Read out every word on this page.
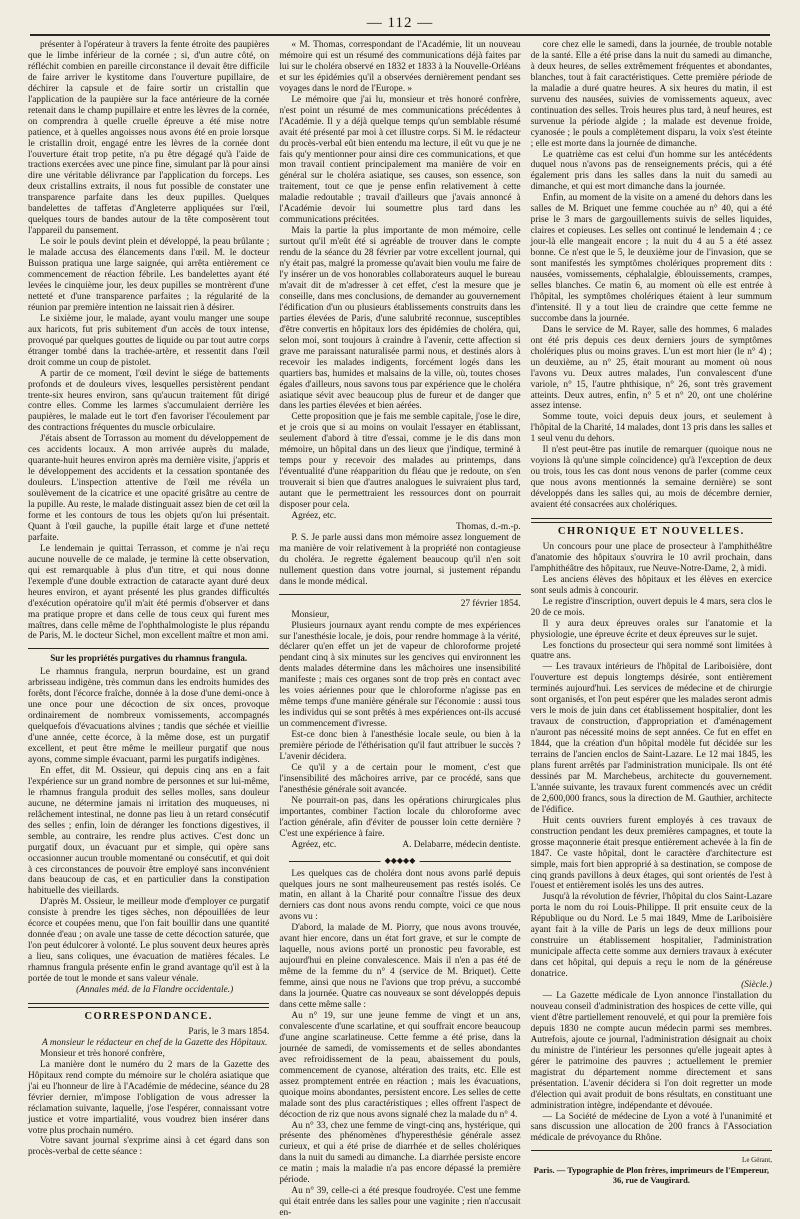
— 112 —

présenter à l'opérateur à travers la fente étroite des paupières que le limbe inférieur de la cornée ; si, d'un autre côté, on réfléchit combien en pareille circonstance il devait être difficile de faire arriver le kystitome dans l'ouverture pupillaire, de déchirer la capsule et de faire sortir un cristallin que l'application de la paupière sur la face antérieure de la cornée retenait dans le champ pupillaire et entre les lèvres de la cornée, on comprendra à quelle cruelle épreuve a été mise notre patience, et à quelles angoisses nous avons été en proie lorsque le cristallin droit, engagé entre les lèvres de la cornée dont l'ouverture était trop petite, n'a pu être dégagé qu'à l'aide de tractions exercées avec une pince fine, simulant par là pour ainsi dire une véritable délivrance par l'application du forceps. Les deux cristallins extraits, il nous fut possible de constater une transparence parfaite dans les deux pupilles. Quelques bandelettes de taffetas d'Angleterre appliquées sur l'œil, quelques tours de bandes autour de la tête composèrent tout l'appareil du pansement.

Le soir le pouls devint plein et développé, la peau brûlante ; le malade accusa des élancements dans l'œil. M. le docteur Buisson pratiqua une large saignée, qui arrêta entièrement ce commencement de réaction fébrile. Les bandelettes ayant été levées le cinquième jour, les deux pupilles se montrèrent d'une netteté et d'une transparence parfaites ; la régularité de la réunion par première intention ne laissait rien à désirer.

Le sixième jour, le malade, ayant voulu manger une soupe aux haricots, fut pris subitement d'un accès de toux intense, provoqué par quelques gouttes de liquide ou par tout autre corps étranger tombé dans la trachée-artère, et ressentit dans l'œil droit comme un coup de pistolet.

A partir de ce moment, l'œil devint le siége de battements profonds et de douleurs vives, lesquelles persistèrent pendant trente-six heures environ, sans qu'aucun traitement fût dirigé contre elles. Comme les larmes s'accumulaient derrière les paupières, le malade eut le tort d'en favoriser l'écoulement par des contractions fréquentes du muscle orbiculaire.

J'étais absent de Torrasson au moment du développement de ces accidents locaux. A mon arrivée auprès du malade, quarante-huit heures environ après ma dernière visite, j'appris et le développement des accidents et la cessation spontanée des douleurs. L'inspection attentive de l'œil me révéla un soulèvement de la cicatrice et une opacité grisâtre au centre de la pupille. Au reste, le malade distinguait assez bien de cet œil la forme et les contours de tous les objets qu'on lui présentait. Quant à l'œil gauche, la pupille était large et d'une netteté parfaite.

Le lendemain je quittai Terrasson, et comme je n'ai reçu aucune nouvelle de ce malade, je termine là cette observation, qui est remarquable à plus d'un titre, et qui nous donne l'exemple d'une double extraction de cataracte ayant duré deux heures environ, et ayant présenté les plus grandes difficultés d'exécution opératoire qu'il m'ait été permis d'observer et dans ma pratique propre et dans celle de tous ceux qui furent mes maîtres, dans celle même de l'ophthalmologiste le plus répandu de Paris, M. le docteur Sichel, mon excellent maître et mon ami.

Sur les propriétés purgatives du rhamnus frangula.

Le rhamnus frangula, nerprun bourdaine, est un grand arbrisseau indigène, très commun dans les endroits humides des forêts, dont l'écorce fraîche, donnée à la dose d'une demi-once à une once pour une décoction de six onces, provoque ordinairement de nombreux vomissements, accompagnés quelquefois d'évacuations alvines ; tandis que séchée et vieillie d'une année, cette écorce, à la même dose, est un purgatif excellent, et peut être même le meilleur purgatif que nous ayons, comme simple évacuant, parmi les purgatifs indigènes.

En effet, dit M. Ossieur, qui depuis cinq ans en a fait l'expérience sur un grand nombre de personnes et sur lui-même, le rhamnus frangula produit des selles molles, sans douleur aucune, ne détermine jamais ni irritation des muqueuses, ni relâchement intestinal, ne donne pas lieu à un retard consécutif des selles ; enfin, loin de déranger les fonctions digestives, il semble, au contraire, les rendre plus actives. C'est donc un purgatif doux, un évacuant pur et simple, qui opère sans occasionner aucun trouble momentané ou consécutif, et qui doit à ces circonstances de pouvoir être employé sans inconvénient dans beaucoup de cas, et en particulier dans la constipation habituelle des vieillards.

D'après M. Ossieur, le meilleur mode d'employer ce purgatif consiste à prendre les tiges sèches, non dépouillées de leur écorce et coupées menu, que l'on fait bouillir dans une quantité donnée d'eau ; on avale une tasse de cette décoction saturée, que l'on peut édulcorer à volonté. Le plus souvent deux heures après a lieu, sans coliques, une évacuation de matières fécales. Le rhamnus frangula présente enfin le grand avantage qu'il est à la portée de tout le monde et sans valeur vénale.

(Annales méd. de la Flandre occidentale.)

CORRESPONDANCE.

Paris, le 3 mars 1854.

A monsieur le rédacteur en chef de la Gazette des Hôpitaux.

Monsieur et très honoré confrère,

La manière dont le numéro du 2 mars de la Gazette des Hôpitaux rend compte du mémoire sur le choléra asiatique que j'ai eu l'honneur de lire à l'Académie de médecine, séance du 28 février dernier, m'impose l'obligation de vous adresser la réclamation suivante, laquelle, j'ose l'espérer, connaissant votre justice et votre impartialité, vous voudrez bien insérer dans votre plus prochain numéro.

Votre savant journal s'exprime ainsi à cet égard dans son procès-verbal de cette séance :

« M. Thomas, correspondant de l'Académie, lit un nouveau mémoire qui est un résumé des communications déjà faites par lui sur le choléra observé en 1832 et 1833 à la Nouvelle-Orléans et sur les épidémies qu'il a observées dernièrement pendant ses voyages dans le nord de l'Europe. »

Le mémoire que j'ai lu, monsieur et très honoré confrère, n'est point un résumé de mes communications précédentes à l'Académie. Il y a déjà quelque temps qu'un semblable résumé avait été présenté par moi à cet illustre corps. Si M. le rédacteur du procès-verbal eût bien entendu ma lecture, il eût vu que je ne fais qu'y mentionner pour ainsi dire ces communications, et que mon travail contient principalement ma manière de voir en général sur le choléra asiatique, ses causes, son essence, son traitement, tout ce que je pense enfin relativement à cette maladie redoutable ; travail d'ailleurs que j'avais annoncé à l'Académie devoir lui soumettre plus tard dans les communications précitées.

Mais la partie la plus importante de mon mémoire, celle surtout qu'il m'eût été si agréable de trouver dans le compte rendu de la séance du 28 février par votre excellent journal, qui n'y était pas, malgré la promesse qu'avait bien voulu me faire de l'y insérer un de vos honorables collaborateurs auquel le bureau m'avait dit de m'adresser à cet effet, c'est la mesure que je conseille, dans mes conclusions, de demander au gouvernement l'édification d'un ou plusieurs établissements construits dans les parties élevées de Paris, d'une salubrité reconnue, susceptibles d'être convertis en hôpitaux lors des épidémies de choléra, qui, selon moi, sont toujours à craindre à l'avenir, cette affection si grave me paraissant naturalisée parmi nous, et destinés alors à recevoir les malades indigents, forcément logés dans les quartiers bas, humides et malsains de la ville, où, toutes choses égales d'ailleurs, nous savons tous par expérience que le choléra asiatique sévit avec beaucoup plus de fureur et de danger que dans les parties élevées et bien aérées.

Cette proposition que je fais me semble capitale, j'ose le dire, et je crois que si au moins on voulait l'essayer en établissant, seulement d'abord à titre d'essai, comme je le dis dans mon mémoire, un hôpital dans un des lieux que j'indique, terminé à temps pour y recevoir des malades au printemps, dans l'éventualité d'une réapparition du fléau que je redoute, on s'en trouverait si bien que d'autres analogues le suivraient plus tard, autant que le permettraient les ressources dont on pourrait disposer pour cela.

Agréez, etc.

Thomas, d.-m.-p.

P. S. Je parle aussi dans mon mémoire assez longuement de ma manière de voir relativement à la propriété non contagieuse du choléra. Je regrette également beaucoup qu'il n'en soit nullement question dans votre journal, si justement répandu dans le monde médical.

27 février 1854.

Monsieur,

Plusieurs journaux ayant rendu compte de mes expériences sur l'anesthésie locale, je dois, pour rendre hommage à la vérité, déclarer qu'en effet un jet de vapeur de chloroforme projeté pendant cinq à six minutes sur les gencives qui environnent les dents malades détermine dans les mâchoires une insensibilité manifeste ; mais ces organes sont de trop près en contact avec les voies aériennes pour que le chloroforme n'agisse pas en même temps d'une manière générale sur l'économie : aussi tous les individus qui se sont prêtés à mes expériences ont-ils accusé un commencement d'ivresse.

Est-ce donc bien à l'anesthésie locale seule, ou bien à la première période de l'éthérisation qu'il faut attribuer le succès ? L'avenir décidera.

Ce qu'il y a de certain pour le moment, c'est que l'insensibilité des mâchoires arrive, par ce procédé, sans que l'anesthésie générale soit avancée.

Ne pourrait-on pas, dans les opérations chirurgicales plus importantes, combiner l'action locale du chloroforme avec l'action générale, afin d'éviter de pousser loin cette dernière ? C'est une expérience à faire.

Agréez, etc.	A. Delabarre, médecin dentiste.

◆◆◆◆◆

Les quelques cas de choléra dont nous avons parlé depuis quelques jours ne sont malheureusement pas restés isolés. Ce matin, en allant à la Charité pour connaître l'issue des deux derniers cas dont nous avons rendu compte, voici ce que nous avons vu :

D'abord, la malade de M. Piorry, que nous avons trouvée, avant hier encore, dans un état fort grave, et sur le compte de laquelle, nous avions porté un pronostic peu favorable, est aujourd'hui en pleine convalescence. Mais il n'en a pas été de même de la femme du n° 4 (service de M. Briquet). Cette femme, ainsi que nous ne l'avions que trop prévu, a succombé dans la journée. Quatre cas nouveaux se sont développés depuis dans cette même salle :

Au n° 19, sur une jeune femme de vingt et un ans, convalescente d'une scarlatine, et qui souffrait encore beaucoup d'une angine scarlatineuse. Cette femme a été prise, dans la journée de samedi, de vomissements et de selles abondantes avec refroidissement de la peau, abaissement du pouls, commencement de cyanose, altération des traits, etc. Elle est assez promptement entrée en réaction ; mais les évacuations, quoique moins abondantes, persistent encore. Les selles de cette malade sont des plus caractéristiques ; elles offrent l'aspect de décoction de riz que nous avons signalé chez la malade du n° 4.

Au n° 33, chez une femme de vingt-cinq ans, hystérique, qui présente des phénomènes d'hyperesthésie générale assez curieux, et qui a été prise de diarrhée et de selles cholériques dans la nuit du samedi au dimanche. La diarrhée persiste encore ce matin ; mais la maladie n'a pas encore dépassé la première période.

Au n° 39, celle-ci a été presque foudroyée. C'est une femme qui était entrée dans les salles pour une vaginite ; rien n'accusait en-

core chez elle le samedi, dans la journée, de trouble notable de la santé. Elle a été prise dans la nuit du samedi au dimanche, à deux heures, de selles extrêmement fréquentes et abondantes, blanches, tout à fait caractéristiques. Cette première période de la maladie a duré quatre heures. A six heures du matin, il est survenu des nausées, suivies de vomissements aqueux, avec continuation des selles. Trois heures plus tard, à neuf heures, est survenue la période algide ; la malade est devenue froide, cyanosée ; le pouls a complètement disparu, la voix s'est éteinte ; elle est morte dans la journée de dimanche.

Le quatrième cas est celui d'un homme sur les antécédents duquel nous n'avons pas de renseignements précis, qui a été également pris dans les salles dans la nuit du samedi au dimanche, et qui est mort dimanche dans la journée.

Enfin, au moment de la visite on a amené du dehors dans les salles de M. Briquet une femme couchée au n° 40, qui a été prise le 3 mars de gargouillements suivis de selles liquides, claires et copieuses. Les selles ont continué le lendemain 4 ; ce jour-là elle mangeait encore ; la nuit du 4 au 5 a été assez bonne. Ce n'est que le 5, le deuxième jour de l'invasion, que se sont manifestés les symptômes cholériques proprement dits : nausées, vomissements, céphalalgie, éblouissements, crampes, selles blanches. Ce matin 6, au moment où elle est entrée à l'hôpital, les symptômes cholériques étaient à leur summum d'intensité. Il y a tout lieu de craindre que cette femme ne succombe dans la journée.

Dans le service de M. Rayer, salle des hommes, 6 malades ont été pris depuis ces deux derniers jours de symptômes cholériques plus ou moins graves. L'un est mort hier (le n° 4) ; un deuxième, au n° 25, était mourant au moment où nous l'avons vu. Deux autres malades, l'un convalescent d'une variole, n° 15, l'autre phthisique, n° 26, sont très gravement atteints. Deux autres, enfin, n° 5 et n° 20, ont une cholérine assez intense.

Somme toute, voici depuis deux jours, et seulement à l'hôpital de la Charité, 14 malades, dont 13 pris dans les salles et 1 seul venu du dehors.

Il n'est peut-être pas inutile de remarquer (quoique nous ne voyions là qu'une simple coïncidence) qu'à l'exception de deux ou trois, tous les cas dont nous venons de parler (comme ceux que nous avons mentionnés la semaine dernière) se sont développés dans les salles qui, au mois de décembre dernier, avaient été consacrées aux cholériques.

CHRONIQUE ET NOUVELLES.

Un concours pour une place de prosecteur à l'amphithéâtre d'anatomie des hôpitaux s'ouvrira le 10 avril prochain, dans l'amphithéâtre des hôpitaux, rue Neuve-Notre-Dame, 2, à midi.

Les anciens élèves des hôpitaux et les élèves en exercice sont seuls admis à concourir.

Le registre d'inscription, ouvert depuis le 4 mars, sera clos le 20 de ce mois.

Il y aura deux épreuves orales sur l'anatomie et la physiologie, une épreuve écrite et deux épreuves sur le sujet.

Les fonctions du prosecteur qui sera nommé sont limitées à quatre ans.

— Les travaux intérieurs de l'hôpital de Lariboisière, dont l'ouverture est depuis longtemps désirée, sont entièrement terminés aujourd'hui. Les services de médecine et de chirurgie sont organisés, et l'on peut espérer que les malades seront admis vers le mois de juin dans cet établissement hospitalier, dont les travaux de construction, d'appropriation et d'aménagement n'auront pas nécessité moins de sept années. Ce fut en effet en 1844, que la création d'un hôpital modèle fut décidée sur les terrains de l'ancien enclos de Saint-Lazare. Le 12 mai 1845, les plans furent arrêtés par l'administration municipale. Ils ont été dessinés par M. Marchebeus, architecte du gouvernement. L'année suivante, les travaux furent commencés avec un crédit de 2,600,000 francs, sous la direction de M. Gauthier, architecte de l'édifice.

Huit cents ouvriers furent employés à ces travaux de construction pendant les deux premières campagnes, et toute la grosse maçonnerie était presque entièrement achevée à la fin de 1847. Ce vaste hôpital, dont le caractère d'architecture est simple, mais fort bien approprié à sa destination, se compose de cinq grands pavillons à deux étages, qui sont orientés de l'est à l'ouest et entièrement isolés les uns des autres.

Jusqu'à la révolution de février, l'hôpital du clos Saint-Lazare porta le nom du roi Louis-Philippe. Il prit ensuite ceux de la République ou du Nord. Le 5 mai 1849, Mme de Lariboisière ayant fait à la ville de Paris un legs de deux millions pour construire un établissement hospitalier, l'administration municipale affecta cette somme aux derniers travaux à exécuter dans cet hôpital, qui depuis a reçu le nom de la généreuse donatrice.

(Siècle.)

— La Gazette médicale de Lyon annonce l'installation du nouveau conseil d'administration des hospices de cette ville, qui vient d'être partiellement renouvelé, et qui pour la première fois depuis 1830 ne compte aucun médecin parmi ses membres. Autrefois, ajoute ce journal, l'administration désignait au choix du ministre de l'intérieur les personnes qu'elle jugeait aptes à gérer le patrimoine des pauvres ; actuellement le premier magistrat du département nomme directement et sans présentation. L'avenir décidera si l'on doit regretter un mode d'élection qui avait produit de bons résultats, en constituant une administration intègre, indépendante et dévouée.

— La Société de médecine de Lyon a voté à l'unanimité et sans discussion une allocation de 200 francs à l'Association médicale de prévoyance du Rhône.

Le Gérant,
Paris. — Typographie de Plon frères, imprimeurs de l'Empereur,
36, rue de Vaugirard.
